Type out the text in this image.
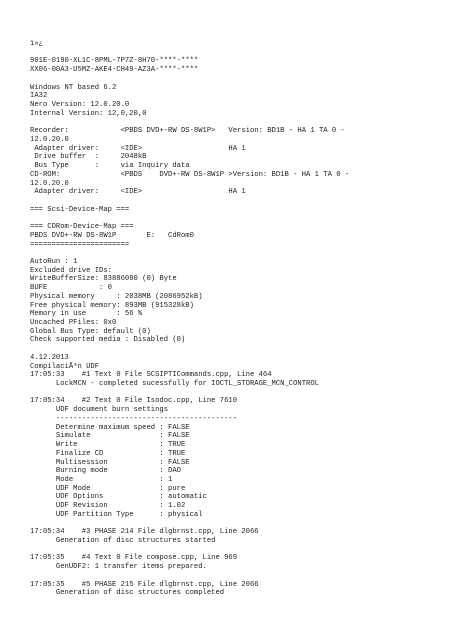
ï»¿

901E-0190-XL1C-8PML-7P7Z-8H70-****-****
XX06-00A3-U5MZ-AKE4-CH49-AZ3A-****-****

Windows NT based 6.2
IA32
Nero Version: 12.0.20.0
Internal Version: 12,0,20,0

Recorder:            <PBDS DVD+-RW DS-8W1P>   Version: BD1B - HA 1 TA 0 -
12.0.20.0
Adapter driver:     <IDE>                    HA 1
Drive buffer  :     2048kB
Bus Type      :     via Inquiry data
CD-ROM:              <PBDS    DVD+-RW DS-8W1P >Version: BD1B - HA 1 TA 0 -
12.0.20.0
Adapter driver:     <IDE>                    HA 1

=== Scsi-Device-Map ===

=== CDRom-Device-Map ===
PBDS DVD+-RW DS-8W1P       E:   CdRom0
=======================

AutoRun : 1
Excluded drive IDs:
WriteBufferSize: 83886080 (0) Byte
BUFE            : 0
Physical memory     : 2038MB (2086952kB)
Free physical memory: 893MB (915328kB)
Memory in use       : 56 %
Uncached PFiles: 0x0
Global Bus Type: default (0)
Check supported media : Disabled (0)

4.12.2013
CompilaciÃ³n UDF
17:05:33    #1 Text 0 File SCSIPTICommands.cpp, Line 464
LockMCN - completed sucessfully for IOCTL_STORAGE_MCN_CONTROL

17:05:34    #2 Text 0 File Isodoc.cpp, Line 7610
UDF document burn settings
------------------------------------------
Determine maximum speed : FALSE
Simulate                : FALSE
Write                   : TRUE
Finalize CD             : TRUE
Multisession            : FALSE
Burning mode            : DAO
Mode                    : 1
UDF Mode                : pure
UDF Options             : automatic
UDF Revision            : 1.02
UDF Partition Type      : physical

17:05:34    #3 PHASE 214 File dlgbrnst.cpp, Line 2066
Generation of disc structures started

17:05:35    #4 Text 0 File compose.cpp, Line 969
GenUDF2: 1 transfer items prepared.

17:05:35    #5 PHASE 215 File dlgbrnst.cpp, Line 2066
Generation of disc structures completed
